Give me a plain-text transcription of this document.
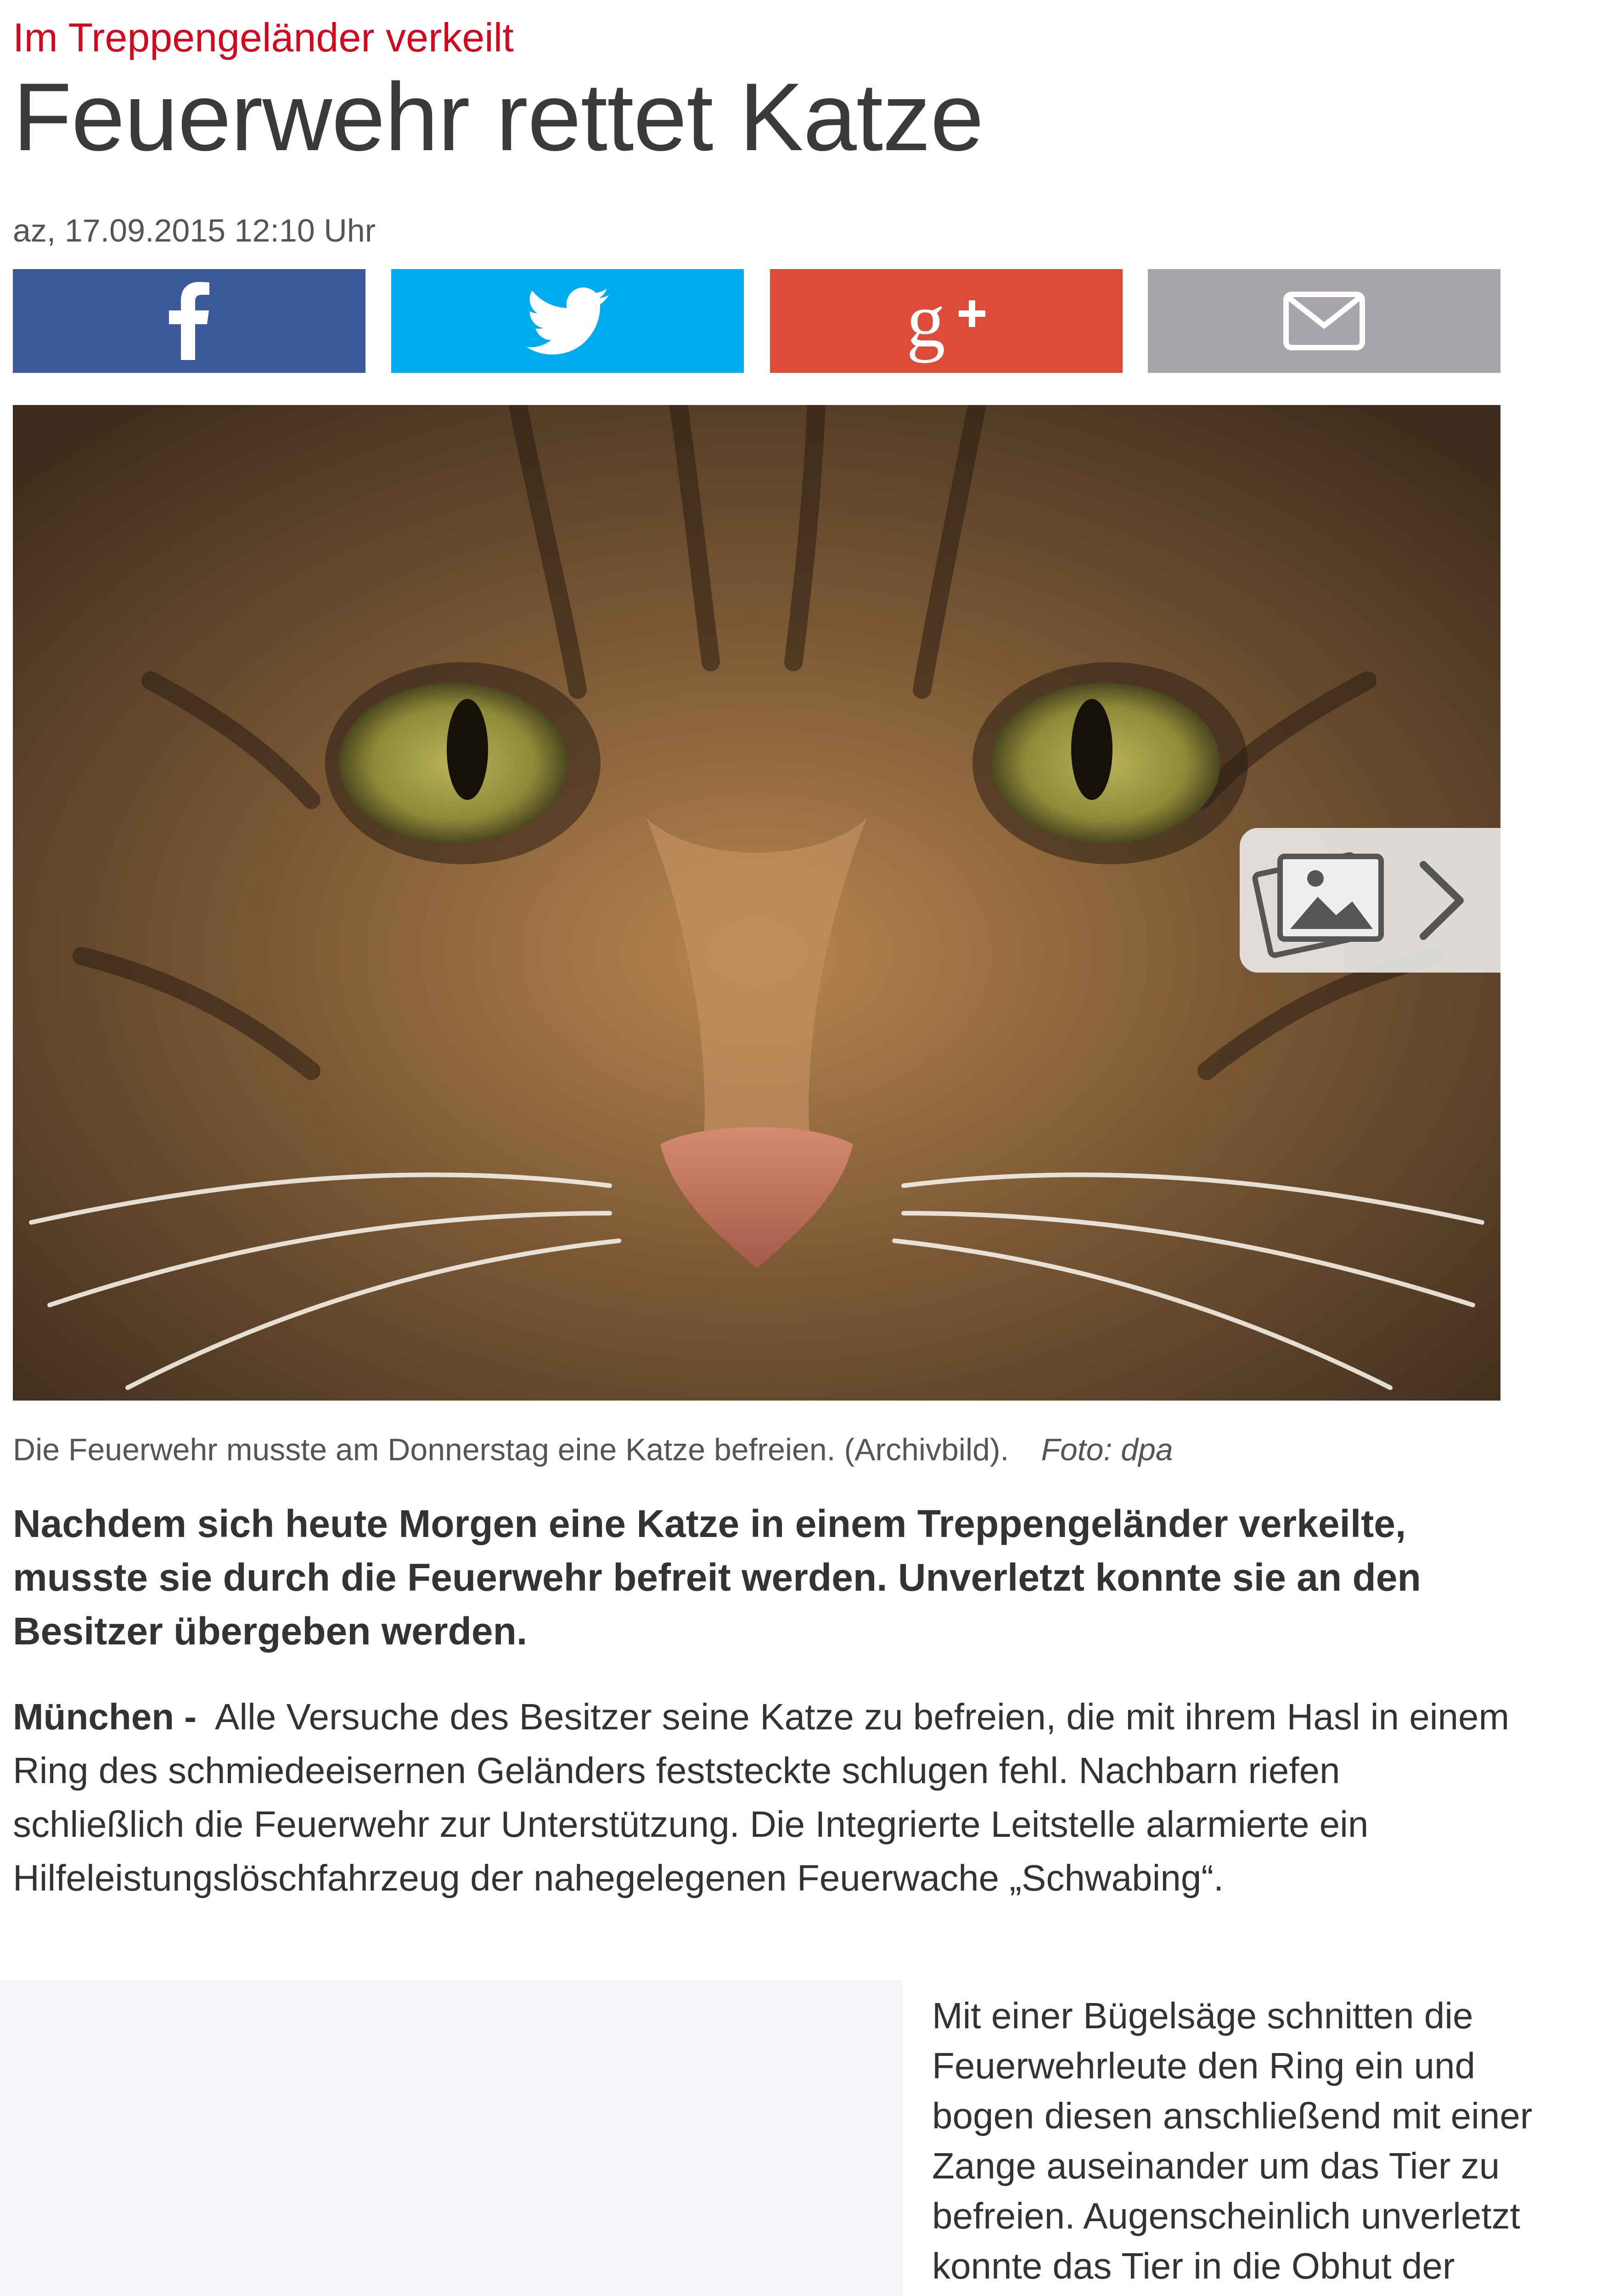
Im Treppengeländer verkeilt
Feuerwehr rettet Katze
az, 17.09.2015 12:10 Uhr
g
Die Feuerwehr musste am Donnerstag eine Katze befreien. (Archivbild). Foto: dpa
Nachdem sich heute Morgen eine Katze in einem Treppengeländer verkeilte, musste sie durch die Feuerwehr befreit werden. Unverletzt konnte sie an den Besitzer übergeben werden.
München - Alle Versuche des Besitzer seine Katze zu befreien, die mit ihrem Hasl in einem Ring des schmiedeeisernen Geländers feststeckte schlugen fehl. Nachbarn riefen schließlich die Feuerwehr zur Unterstützung. Die Integrierte Leitstelle alarmierte ein Hilfeleistungslöschfahrzeug der nahegelegenen Feuerwache „Schwabing“.
Mit einer Bügelsäge schnitten die Feuerwehrleute den Ring ein und bogen diesen anschließend mit einer Zange auseinander um das Tier zu befreien. Augenscheinlich unverletzt konnte das Tier in die Obhut der
